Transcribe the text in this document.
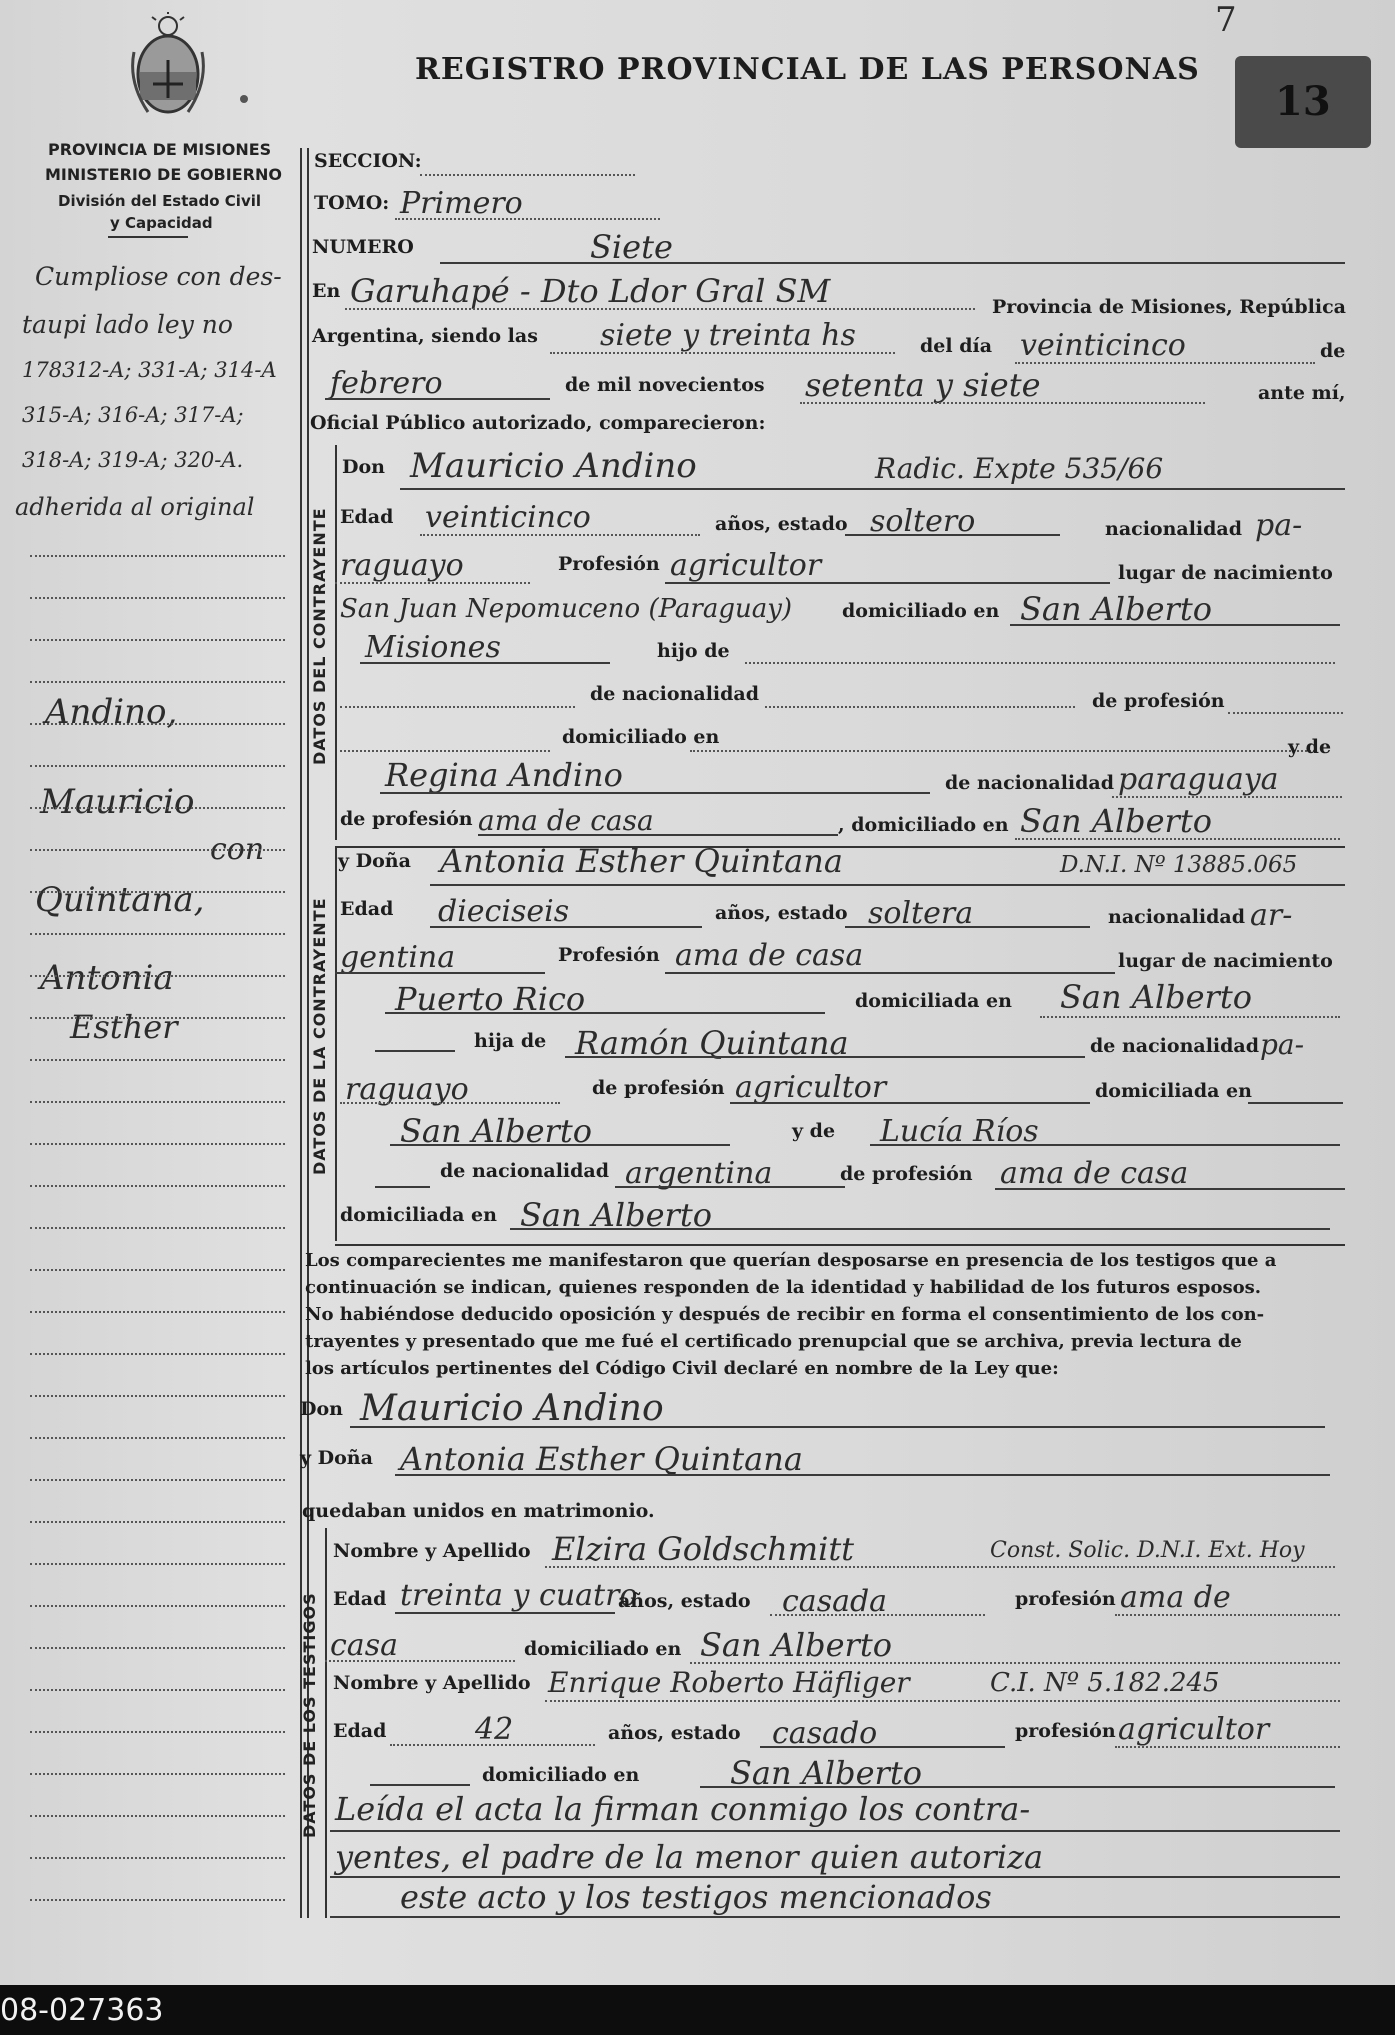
PROVINCIA DE MISIONES
MINISTERIO DE GOBIERNO
División del Estado Civil
y Capacidad
REGISTRO PROVINCIAL DE LAS PERSONAS
7
13
Cumpliose con des-
taupi lado ley no
178312-A; 331-A; 314-A
315-A; 316-A; 317-A;
318-A; 319-A; 320-A.
adherida al original
Andino,
Mauricio
con
Quintana,
Antonia
Esther
SECCION:
TOMO: Primero
NUMERO	Siete
En Garuhapé - Dto Ldor Gral SM	Provincia de Misiones, República
Argentina, siendo las siete y treinta hs	del día veinticinco	de
febrero	de mil novecientos setenta y siete	ante mí,
Oficial Público autorizado, comparecieron:
DATOS DEL CONTRAYENTE
Don Mauricio Andino	Radic. Expte 535/66
Edad veinticinco	años, estado soltero	nacionalidad pa-
raguayo	Profesión agricultor	lugar de nacimiento
San Juan Nepomuceno (Paraguay)	domiciliado en San Alberto
Misiones	hijo de
de nacionalidad	de profesión
domiciliado en	y de
Regina Andino	de nacionalidad paraguaya
de profesión ama de casa	, domiciliado en San Alberto
DATOS DE LA CONTRAYENTE
y Doña Antonia Esther Quintana	D.N.I. Nº 13885.065
Edad dieciseis	años, estado soltera	nacionalidad ar-
gentina	Profesión ama de casa	lugar de nacimiento
Puerto Rico	domiciliada en San Alberto
hija de Ramón Quintana	de nacionalidad pa-
raguayo	de profesión agricultor	domiciliada en
San Alberto	y de Lucía Ríos
de nacionalidad argentina	de profesión ama de casa
domiciliada en San Alberto
Los comparecientes me manifestaron que querían desposarse en presencia de los testigos que a
continuación se indican, quienes responden de la identidad y habilidad de los futuros esposos.
No habiéndose deducido oposición y después de recibir en forma el consentimiento de los con-
trayentes y presentado que me fué el certificado prenupcial que se archiva, previa lectura de
los artículos pertinentes del Código Civil declaré en nombre de la Ley que:
Don Mauricio Andino
y Doña Antonia Esther Quintana
quedaban unidos en matrimonio.
DATOS DE LOS TESTIGOS
Nombre y Apellido Elzira Goldschmitt	Const. Solic. D.N.I. Ext. Hoy
Edad treinta y cuatro
años, estado casada	profesión ama de
casa	domiciliado en San Alberto
Nombre y Apellido Enrique Roberto Häfliger	C.I. Nº 5.182.245
Edad	42	años, estado casado	profesión agricultor
domiciliado en	San Alberto
Leída el acta la firman conmigo los contra-
yentes, el padre de la menor quien autoriza
este acto y los testigos mencionados
08-027363
